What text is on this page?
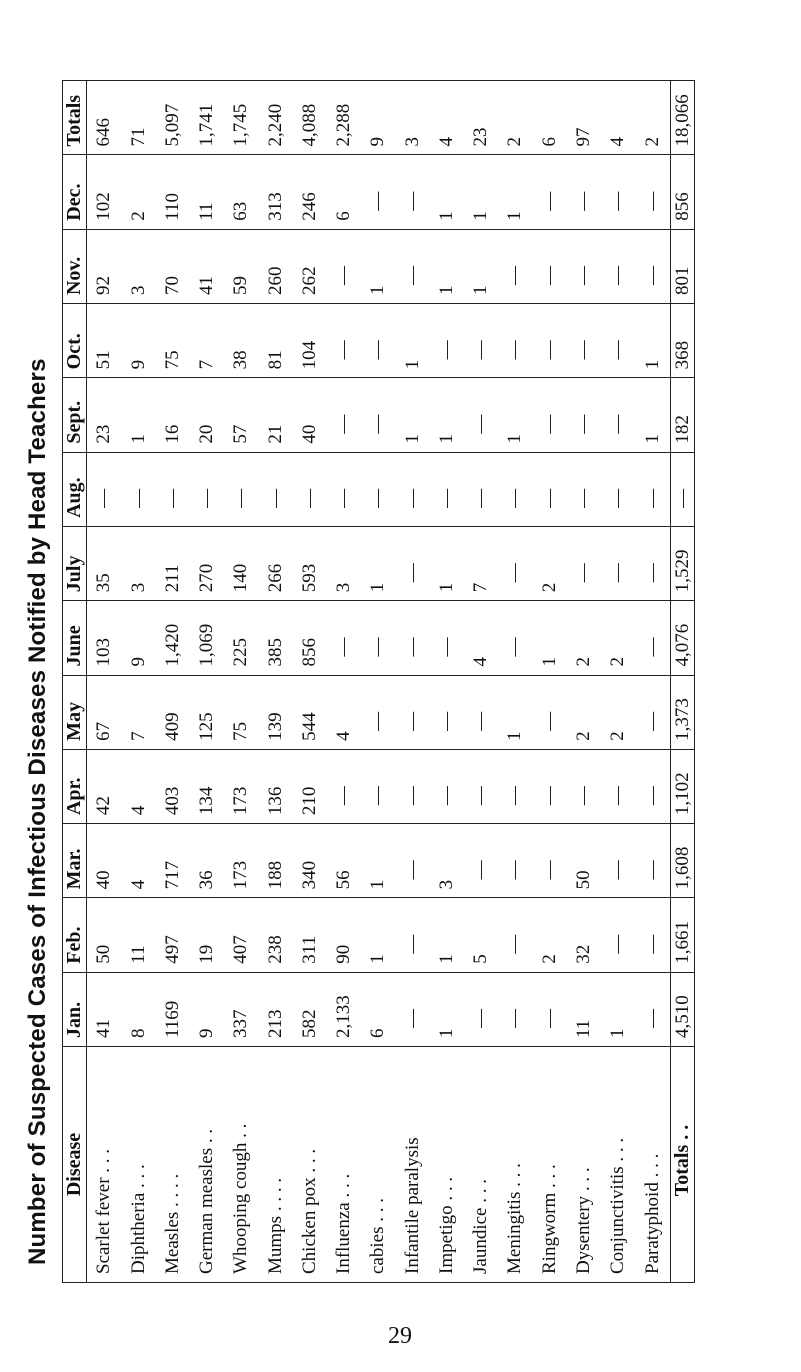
Number of Suspected Cases of Infectious Diseases Notified by Head Teachers Disease	Jan.	Feb.	Mar.	Apr.	May	June	July	Aug.	Sept.	Oct.	Nov.	Dec.	Totals
Scarlet fever . . .	41	50	40	42	67	103	35	—	23	51	92	102	646
Diphtheria . . .	8	11	4	4	7	9	3	—	1	9	3	2	71
Measles . . . .	1169	497	717	403	409	1,420	211	—	16	75	70	110	5,097
German measles . .	9	19	36	134	125	1,069	270	—	20	7	41	11	1,741
Whooping cough . .	337	407	173	173	75	225	140	—	57	38	59	63	1,745
Mumps . . . .	213	238	188	136	139	385	266	—	21	81	260	313	2,240
Chicken pox . . .	582	311	340	210	544	856	593	—	40	104	262	246	4,088
Influenza . . .	2,133	90	56	—	4	—	3	—	—	—	—	6	2,288
cabies . . .	6	1	1	—	—	—	1	—	—	—	1	—	9
Infantile paralysis	—	—	—	—	—	—	—	—	1	1	—	—	3
Impetigo . . .	1	1	3	—	—	—	1	—	1	—	1	1	4
Jaundice . . .	—	5	—	—	—	4	7	—	—	—	1	1	23
Meningitis . . .	—	—	—	—	1	—	—	—	1	—	—	1	2
Ringworm . . .	—	2	—	—	—	1	2	—	—	—	—	—	6
Dysentery . . .	11	32	50	—	2	2	—	—	—	—	—	—	97
Conjunctivitis . . .	1	—	—	—	2	2	—	—	—	—	—	—	4
Paratyphoid . . .	—	—	—	—	—	—	—	—	1	1	—	—	2
Totals . .	4,510	1,661	1,608	1,102	1,373	4,076	1,529	—	182	368	801	856	18,066
29
